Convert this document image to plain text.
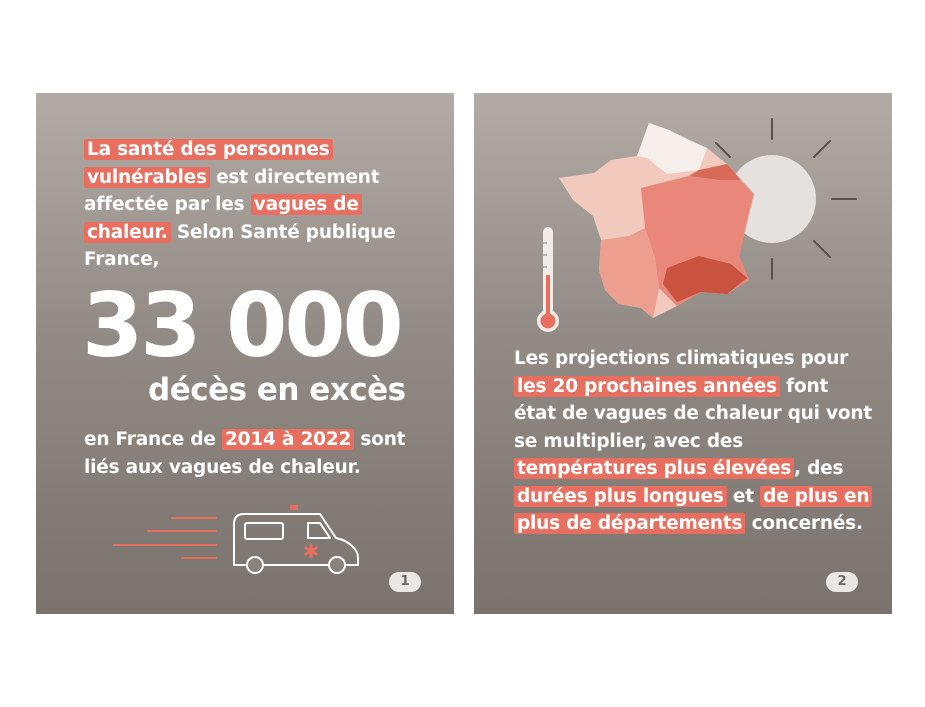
La santé des personnes vulnérables est directement affectée par les vagues de chaleur. Selon Santé publique France,

33 000

décès en excès

en France de 2014 à 2022 sont liés aux vagues de chaleur.

1

Les projections climatiques pour les 20 prochaines années font état de vagues de chaleur qui vont se multiplier, avec des températures plus élevées , des durées plus longues et de plus en plus de départements concernés.

2
